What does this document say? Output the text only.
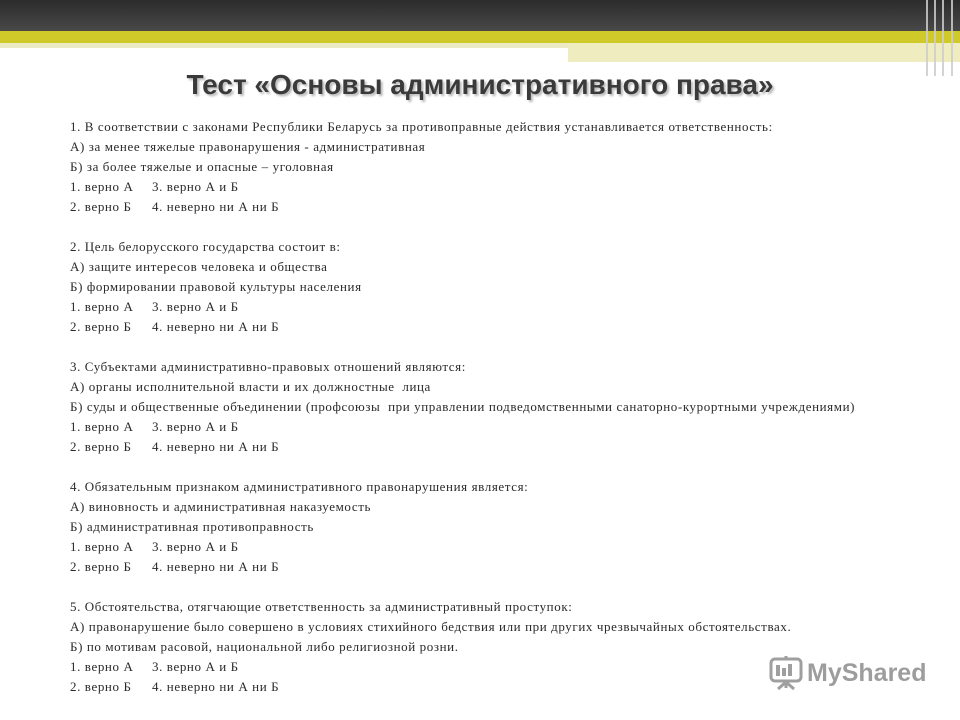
Тест «Основы административного права»
1. В соответствии с законами Республики Беларусь за противоправные действия устанавливается ответственность:
А) за менее тяжелые правонарушения - административная
Б) за более тяжелые и опасные – уголовная
1. верно А 3. верно А и Б
2. верно Б 4. неверно ни А ни Б
2. Цель белорусского государства состоит в:
А) защите интересов человека и общества
Б) формировании правовой культуры населения
1. верно А 3. верно А и Б
2. верно Б 4. неверно ни А ни Б
3. Субъектами административно-правовых отношений являются:
А) органы исполнительной власти и их должностные  лица
Б) суды и общественные объединении (профсоюзы  при управлении подведомственными санаторно-курортными учреждениями)
1. верно А 3. верно А и Б
2. верно Б 4. неверно ни А ни Б
4. Обязательным признаком административного правонарушения является:
А) виновность и административная наказуемость
Б) административная противоправность
1. верно А 3. верно А и Б
2. верно Б 4. неверно ни А ни Б
5. Обстоятельства, отягчающие ответственность за административный проступок:
А) правонарушение было совершено в условиях стихийного бедствия или при других чрезвычайных обстоятельствах.
Б) по мотивам расовой, национальной либо религиозной розни.
1. верно А 3. верно А и Б
2. верно Б 4. неверно ни А ни Б	MyShared
